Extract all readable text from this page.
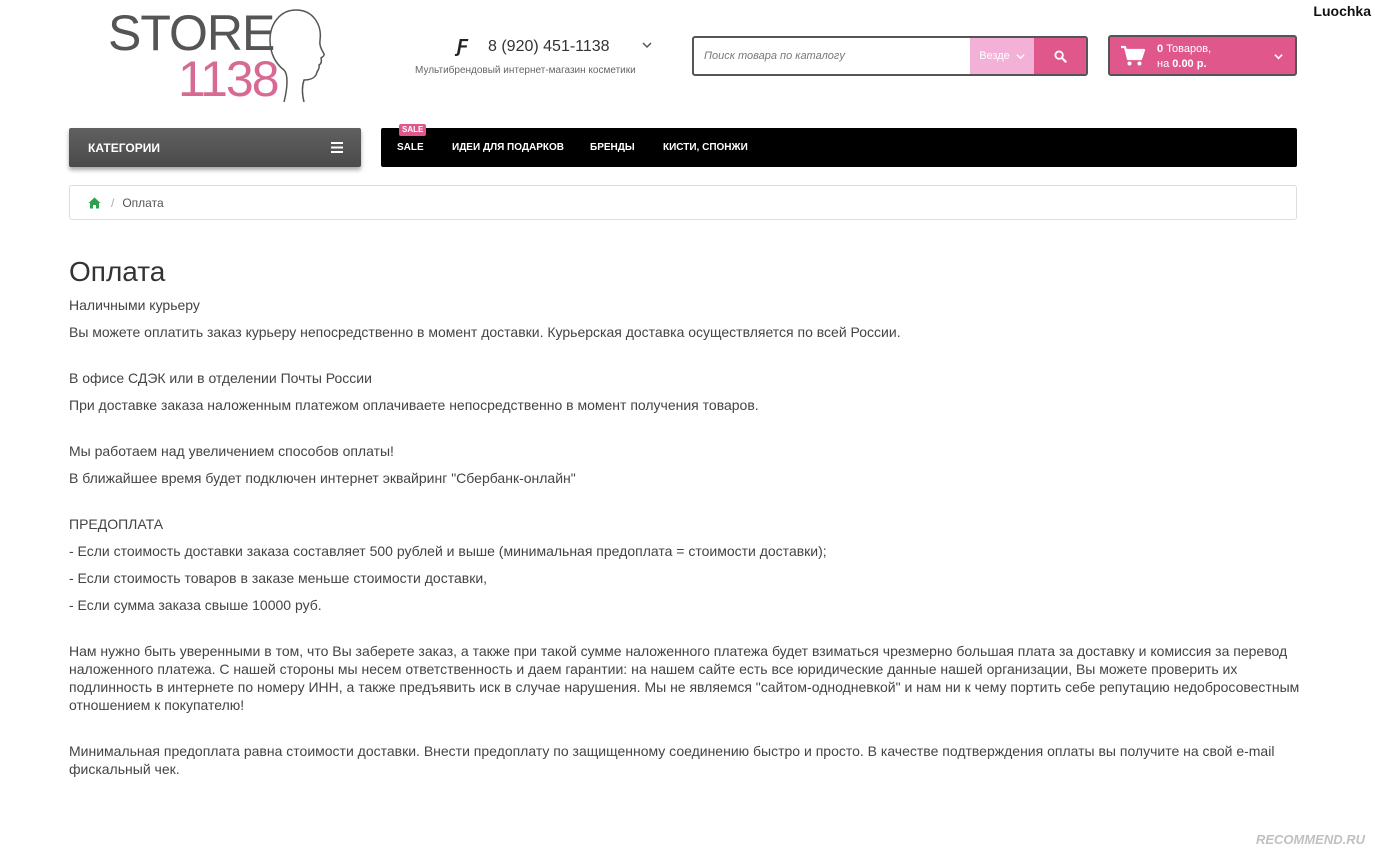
Luochka
STORE
1138
Ƒ 8 (920) 451-1138
Мультибрендовый интернет-магазин косметики
Поиск товара по каталогу
Везде
0 Товаров,
на 0.00 р.
КАТЕГОРИИ
SALE
SALE	ИДЕИ ДЛЯ ПОДАРКОВ	БРЕНДЫ	КИСТИ, СПОНЖИ
/ Оплата
Оплата
Наличными курьеру
Вы можете оплатить заказ курьеру непосредственно в момент доставки. Курьерская доставка осуществляется по всей России.
В офисе СДЭК или в отделении Почты России
При доставке заказа наложенным платежом оплачиваете непосредственно в момент получения товаров.
Мы работаем над увеличением способов оплаты!
В ближайшее время будет подключен интернет эквайринг "Сбербанк-онлайн"
ПРЕДОПЛАТА
- Если стоимость доставки заказа составляет 500 рублей и выше (минимальная предоплата = стоимости доставки);
- Если стоимость товаров в заказе меньше стоимости доставки,
- Если сумма заказа свыше 10000 руб.
Нам нужно быть уверенными в том, что Вы заберете заказ, а также при такой сумме наложенного платежа будет взиматься чрезмерно большая плата за доставку и комиссия за перевод наложенного платежа. С нашей стороны мы несем ответственность и даем гарантии: на нашем сайте есть все юридические данные нашей организации, Вы можете проверить их подлинность в интернете по номеру ИНН, а также предъявить иск в случае нарушения. Мы не являемся "сайтом-однодневкой" и нам ни к чему портить себе репутацию недобросовестным отношением к покупателю!
Минимальная предоплата равна стоимости доставки. Внести предоплату по защищенному соединению быстро и просто. В качестве подтверждения оплаты вы получите на свой e-mail фискальный чек.
RECOMMEND.RU
